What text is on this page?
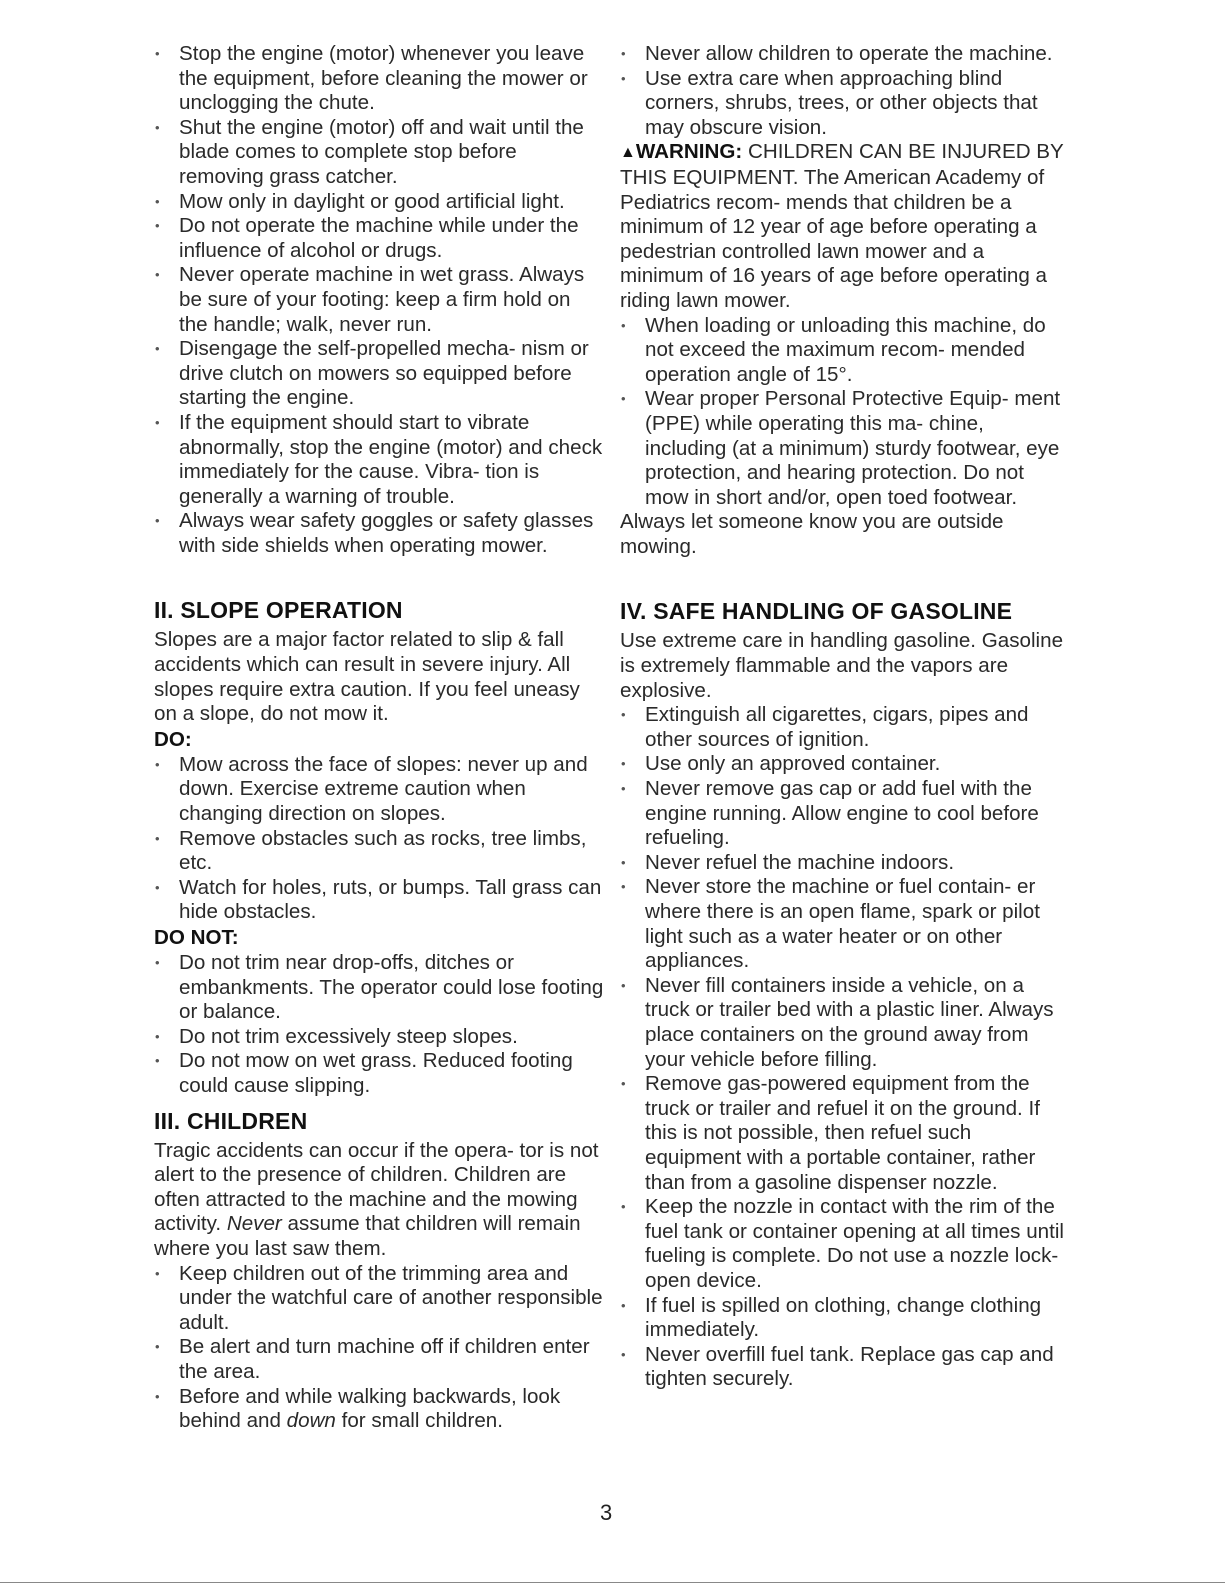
• Stop the engine (motor) whenever you leave the equipment, before cleaning the mower or unclogging the chute.
• Shut the engine (motor) off and wait until the blade comes to complete stop before removing grass catcher.
• Mow only in daylight or good artificial light.
• Do not operate the machine while under the influence of alcohol or drugs.
• Never operate machine in wet grass. Always be sure of your footing: keep a firm hold on the handle; walk, never run.
• Disengage the self-propelled mecha- nism or drive clutch on mowers so equipped before starting the engine.
• If the equipment should start to vibrate abnormally, stop the engine (motor) and check immediately for the cause. Vibra- tion is generally a warning of trouble.
• Always wear safety goggles or safety glasses with side shields when operating mower.
II. SLOPE OPERATION

Slopes are a major factor related to slip & fall accidents which can result in severe injury. All slopes require extra caution. If you feel uneasy on a slope, do not mow it.

DO:
• Mow across the face of slopes: never up and down. Exercise extreme caution when changing direction on slopes.
• Remove obstacles such as rocks, tree limbs, etc.
• Watch for holes, ruts, or bumps. Tall grass can hide obstacles.
DO NOT:
• Do not trim near drop-offs, ditches or embankments. The operator could lose footing or balance.
• Do not trim excessively steep slopes.
• Do not mow on wet grass. Reduced footing could cause slipping.
III. CHILDREN

Tragic accidents can occur if the opera- tor is not alert to the presence of children. Children are often attracted to the machine and the mowing activity. Never assume that children will remain where you last saw them.

• Keep children out of the trimming area and under the watchful care of another responsible adult.
• Be alert and turn machine off if children enter the area.
• Before and while walking backwards, look behind and down for small children.
• Never allow children to operate the machine.
• Use extra care when approaching blind corners, shrubs, trees, or other objects that may obscure vision.

▲WARNING: CHILDREN CAN BE INJURED BY THIS EQUIPMENT. The American Academy of Pediatrics recom- mends that children be a minimum of 12 year of age before operating a pedestrian controlled lawn mower and a minimum of 16 years of age before operating a riding lawn mower.

• When loading or unloading this machine, do not exceed the maximum recom- mended operation angle of 15°.
• Wear proper Personal Protective Equip- ment (PPE) while operating this ma- chine, including (at a minimum) sturdy footwear, eye protection, and hearing protection. Do not mow in short and/or, open toed footwear.

Always let someone know you are outside mowing.

IV. SAFE HANDLING OF GASOLINE

Use extreme care in handling gasoline. Gasoline is extremely flammable and the vapors are explosive.

• Extinguish all cigarettes, cigars, pipes and other sources of ignition.
• Use only an approved container.
• Never remove gas cap or add fuel with the engine running. Allow engine to cool before refueling.
• Never refuel the machine indoors.
• Never store the machine or fuel contain- er where there is an open flame, spark or pilot light such as a water heater or on other appliances.
• Never fill containers inside a vehicle, on a truck or trailer bed with a plastic liner. Always place containers on the ground away from your vehicle before filling.
• Remove gas-powered equipment from the truck or trailer and refuel it on the ground. If this is not possible, then refuel such equipment with a portable container, rather than from a gasoline dispenser nozzle.
• Keep the nozzle in contact with the rim of the fuel tank or container opening at all times until fueling is complete. Do not use a nozzle lock-open device.
• If fuel is spilled on clothing, change clothing immediately.
• Never overfill fuel tank. Replace gas cap and tighten securely.
3
